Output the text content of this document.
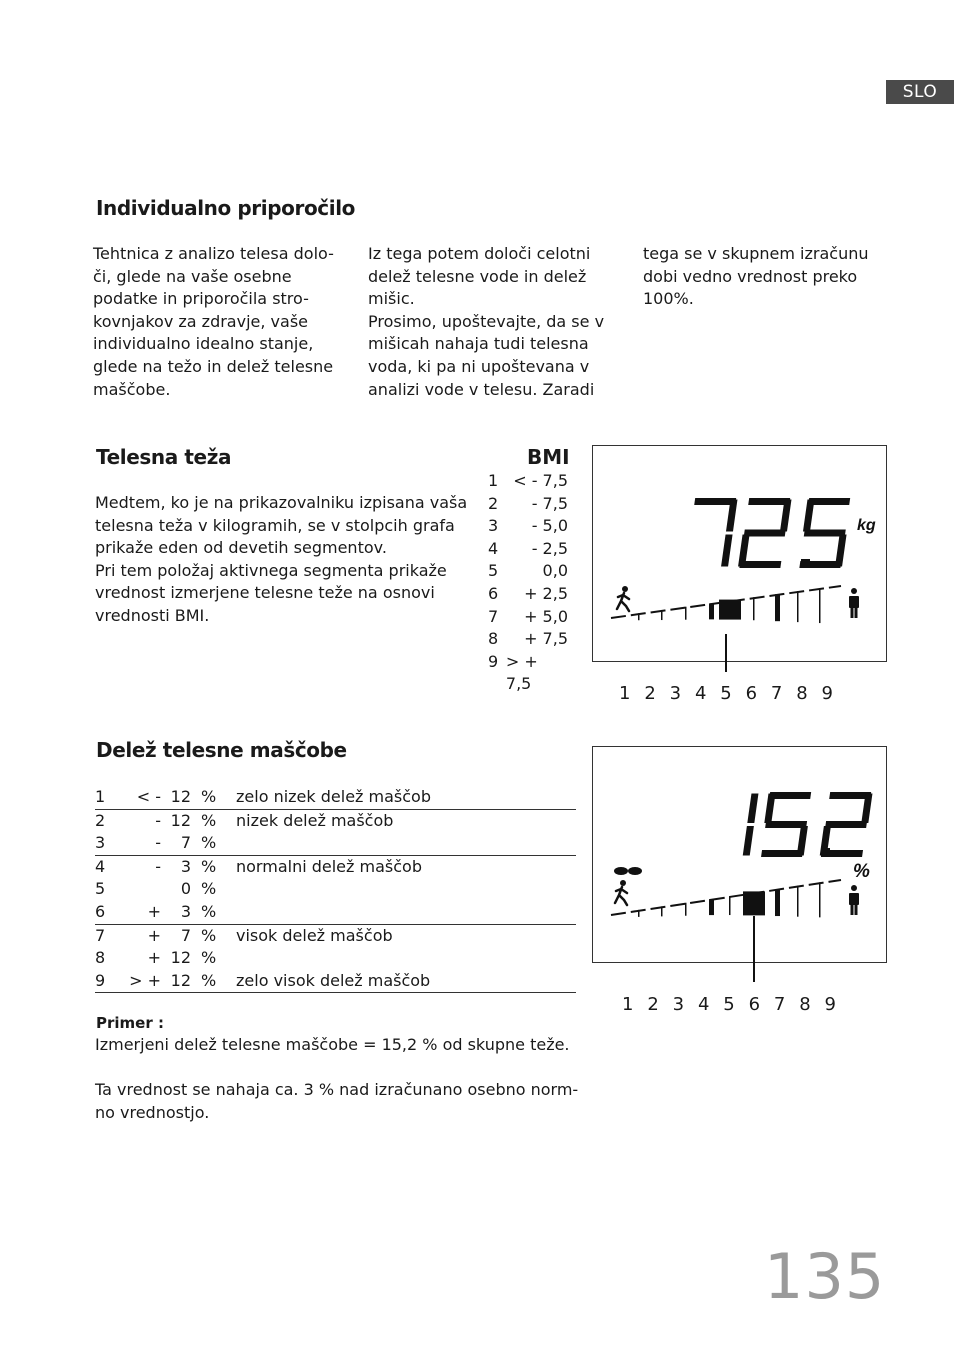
SLO
Individualno priporočilo

Tehtnica z analizo telesa dolo-
či, glede na vaše osebne
podatke in priporočila stro-
kovnjakov za zdravje, vaše
individualno idealno stanje,
glede na težo in delež telesne
maščobe.

Iz tega potem določi celotni
delež telesne vode in delež
mišic.
Prosimo, upoštevajte, da se v
mišicah nahaja tudi telesna
voda, ki pa ni upoštevana v
analizi vode v telesu. Zaradi

tega se v skupnem izračunu
dobi vedno vrednost preko
100%.

Telesna teža

Medtem, ko je na prikazovalniku izpisana vaša
telesna teža v kilogramih, se v stolpcih grafa
prikaže eden od devetih segmentov.
Pri tem položaj aktivnega segmenta prikaže
vrednost izmerjene telesne teže na osnovi
vrednosti BMI.

BMI
1 < - 7,5
2	- 7,5
3	- 5,0
4	- 2,5
5	0,0
6	+ 2,5
7	+ 5,0
8	+ 7,5
9 > + 7,5
kg
1 2 3 4 5 6 7 8 9
Delež telesne maščobe
1	< - 12 % zelo nizek delež maščob
2	- 12 % nizek delež maščob
3	-	7 %
4	-	3 % normalni delež maščob
5	0 %
6	+	3 %
7	+	7 % visok delež maščob
8	+ 12 %
9 > + 12 % zelo visok delež maščob
Primer :
Izmerjeni delež telesne maščobe = 15,2 % od skupne teže.

Ta vrednost se nahaja ca. 3 % nad izračunano osebno norm-
no vrednostjo.

%
1 2 3 4 5 6 7 8 9
135
